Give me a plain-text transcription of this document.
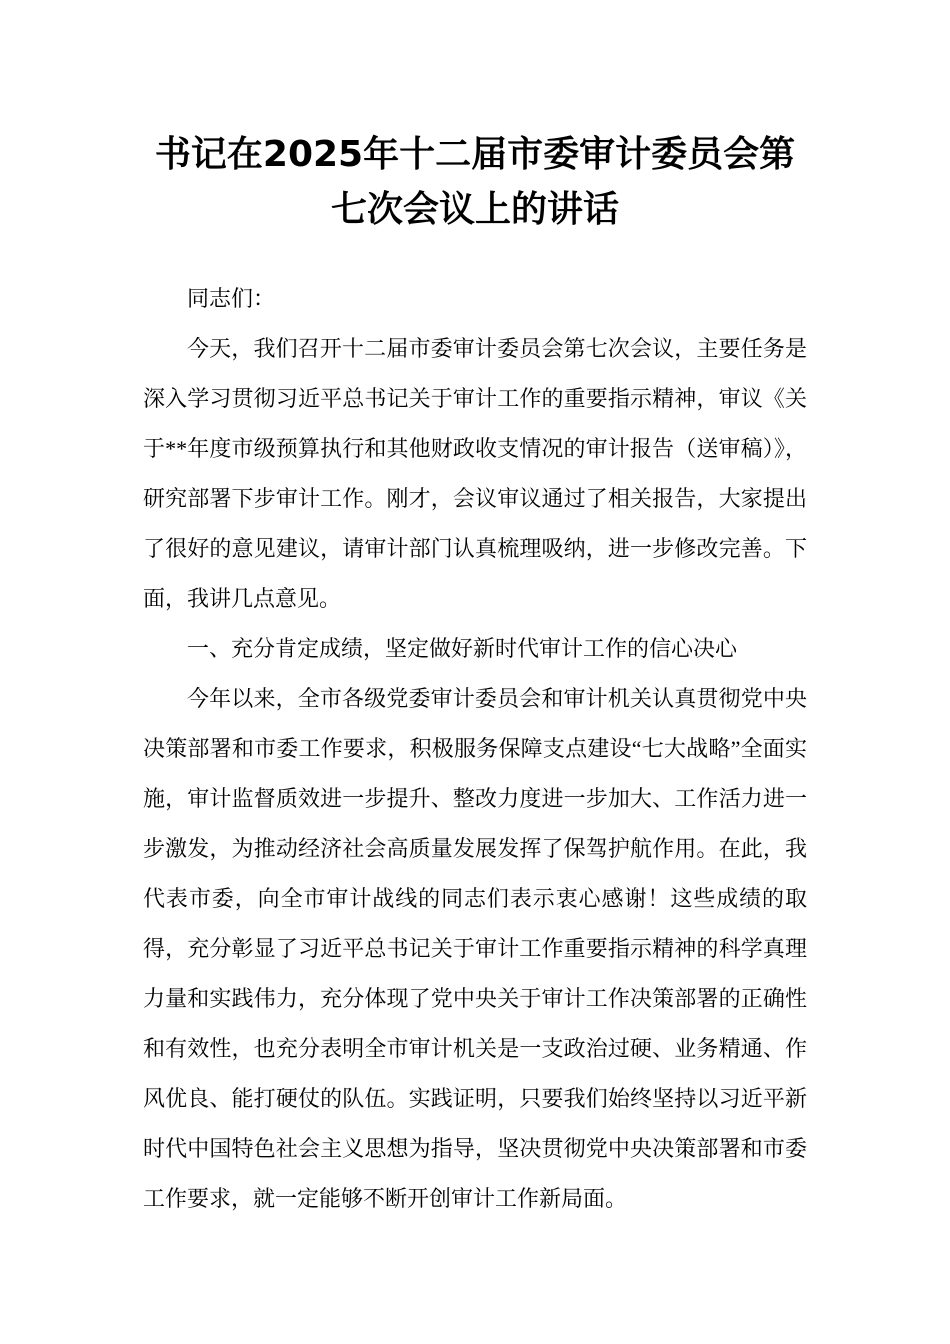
书记在2025年十二届市委审计委员会第七次会议上的讲话

同志们：

今天，我们召开十二届市委审计委员会第七次会议，主要任务是深入学习贯彻习近平总书记关于审计工作的重要指示精神，审议《关于**年度市级预算执行和其他财政收支情况的审计报告（送审稿）》，研究部署下步审计工作。刚才，会议审议通过了相关报告，大家提出了很好的意见建议，请审计部门认真梳理吸纳，进一步修改完善。下面，我讲几点意见。

一、充分肯定成绩，坚定做好新时代审计工作的信心决心

今年以来，全市各级党委审计委员会和审计机关认真贯彻党中央决策部署和市委工作要求，积极服务保障支点建设“七大战略”全面实施，审计监督质效进一步提升、整改力度进一步加大、工作活力进一步激发，为推动经济社会高质量发展发挥了保驾护航作用。在此，我代表市委，向全市审计战线的同志们表示衷心感谢！这些成绩的取得，充分彰显了习近平总书记关于审计工作重要指示精神的科学真理力量和实践伟力，充分体现了党中央关于审计工作决策部署的正确性和有效性，也充分表明全市审计机关是一支政治过硬、业务精通、作风优良、能打硬仗的队伍。实践证明，只要我们始终坚持以习近平新时代中国特色社会主义思想为指导，坚决贯彻党中央决策部署和市委工作要求，就一定能够不断开创审计工作新局面。
